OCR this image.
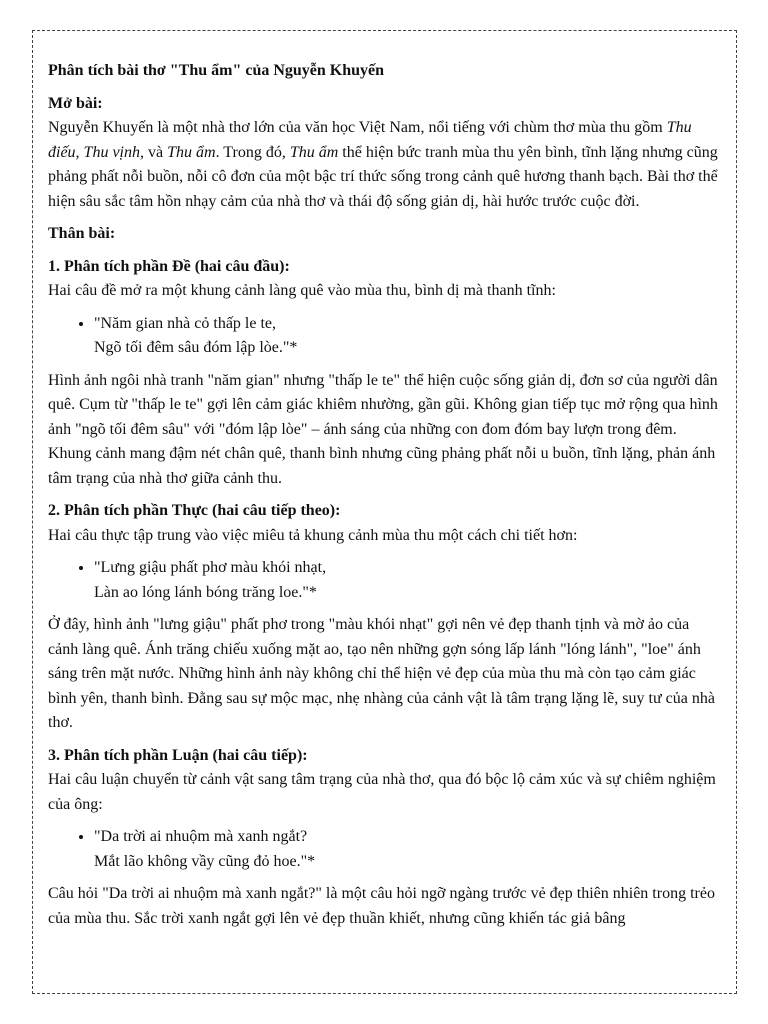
Phân tích bài thơ "Thu ẩm" của Nguyễn Khuyến

Mở bài:

Nguyễn Khuyến là một nhà thơ lớn của văn học Việt Nam, nổi tiếng với chùm thơ mùa thu gồm Thu điếu, Thu vịnh, và Thu ẩm. Trong đó, Thu ẩm thể hiện bức tranh mùa thu yên bình, tĩnh lặng nhưng cũng phảng phất nỗi buồn, nỗi cô đơn của một bậc trí thức sống trong cảnh quê hương thanh bạch. Bài thơ thể hiện sâu sắc tâm hồn nhạy cảm của nhà thơ và thái độ sống giản dị, hài hước trước cuộc đời.

Thân bài:

1. Phân tích phần Đề (hai câu đầu):

Hai câu đề mở ra một khung cảnh làng quê vào mùa thu, bình dị mà thanh tĩnh:

• "Năm gian nhà cỏ thấp le te,
Ngõ tối đêm sâu đóm lập lòe."*

Hình ảnh ngôi nhà tranh "năm gian" nhưng "thấp le te" thể hiện cuộc sống giản dị, đơn sơ của người dân quê. Cụm từ "thấp le te" gợi lên cảm giác khiêm nhường, gần gũi. Không gian tiếp tục mở rộng qua hình ảnh "ngõ tối đêm sâu" với "đóm lập lòe" – ánh sáng của những con đom đóm bay lượn trong đêm. Khung cảnh mang đậm nét chân quê, thanh bình nhưng cũng phảng phất nỗi u buồn, tĩnh lặng, phản ánh tâm trạng của nhà thơ giữa cảnh thu.

2. Phân tích phần Thực (hai câu tiếp theo):

Hai câu thực tập trung vào việc miêu tả khung cảnh mùa thu một cách chi tiết hơn:

• "Lưng giậu phất phơ màu khói nhạt,
Làn ao lóng lánh bóng trăng loe."*

Ở đây, hình ảnh "lưng giậu" phất phơ trong "màu khói nhạt" gợi nên vẻ đẹp thanh tịnh và mờ ảo của cảnh làng quê. Ánh trăng chiếu xuống mặt ao, tạo nên những gợn sóng lấp lánh "lóng lánh", "loe" ánh sáng trên mặt nước. Những hình ảnh này không chỉ thể hiện vẻ đẹp của mùa thu mà còn tạo cảm giác bình yên, thanh bình. Đằng sau sự mộc mạc, nhẹ nhàng của cảnh vật là tâm trạng lặng lẽ, suy tư của nhà thơ.

3. Phân tích phần Luận (hai câu tiếp):

Hai câu luận chuyển từ cảnh vật sang tâm trạng của nhà thơ, qua đó bộc lộ cảm xúc và sự chiêm nghiệm của ông:

• "Da trời ai nhuộm mà xanh ngắt?
Mắt lão không vầy cũng đỏ hoe."*

Câu hỏi "Da trời ai nhuộm mà xanh ngắt?" là một câu hỏi ngỡ ngàng trước vẻ đẹp thiên nhiên trong trẻo của mùa thu. Sắc trời xanh ngắt gợi lên vẻ đẹp thuần khiết, nhưng cũng khiến tác giả bâng
